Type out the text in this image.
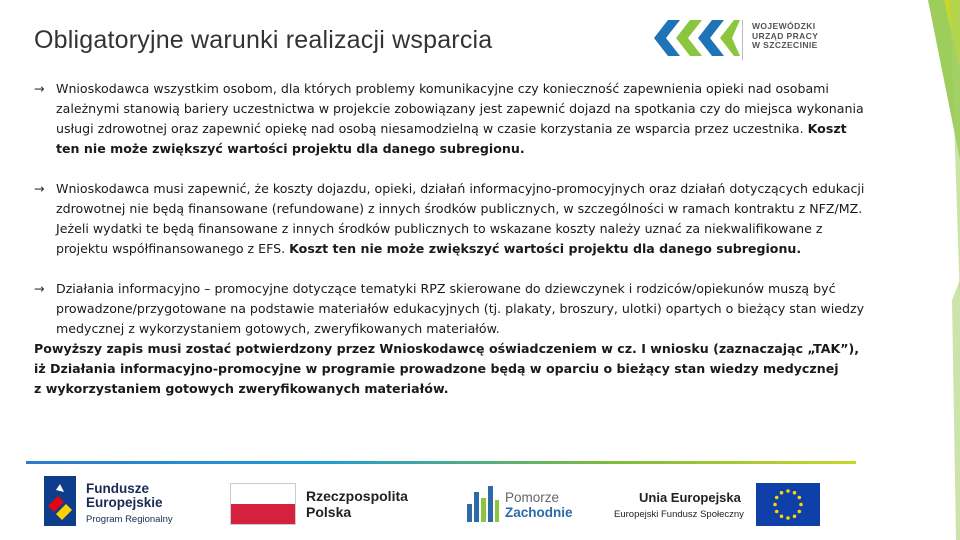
Obligatoryjne warunki realizacji wsparcia	WOJEWÓDZKI
URZĄD PRACY
W SZCZECINIE
→ Wnioskodawca wszystkim osobom, dla których problemy komunikacyjne czy konieczność zapewnienia opieki nad osobami zależnymi stanowią bariery uczestnictwa w projekcie zobowiązany jest zapewnić dojazd na spotkania czy do miejsca wykonania usługi zdrowotnej oraz zapewnić opiekę nad osobą niesamodzielną w czasie korzystania ze wsparcia przez uczestnika. Koszt ten nie może zwiększyć wartości projektu dla danego subregionu.
→ Wnioskodawca musi zapewnić, że koszty dojazdu, opieki, działań informacyjno-promocyjnych oraz działań dotyczących edukacji zdrowotnej nie będą finansowane (refundowane) z innych środków publicznych, w szczególności w ramach kontraktu z NFZ/MZ. Jeżeli wydatki te będą finansowane z innych środków publicznych to wskazane koszty należy uznać za niekwalifikowane z projektu współfinansowanego z EFS. Koszt ten nie może zwiększyć wartości projektu dla danego subregionu.
→ Działania informacyjno – promocyjne dotyczące tematyki RPZ skierowane do dziewczynek i rodziców/opiekunów muszą być prowadzone/przygotowane na podstawie materiałów edukacyjnych (tj. plakaty, broszury, ulotki) opartych o bieżący stan wiedzy medycznej z wykorzystaniem gotowych, zweryfikowanych materiałów.
Powyższy zapis musi zostać potwierdzony przez Wnioskodawcę oświadczeniem w cz. I wniosku (zaznaczając „TAK”),
iż Działania informacyjno-promocyjne w programie prowadzone będą w oparciu o bieżący stan wiedzy medycznej
z wykorzystaniem gotowych zweryfikowanych materiałów.
Fundusze
Europejskie
Program Regionalny
Rzeczpospolita
Polska
Pomorze
Zachodnie
Unia Europejska
Europejski Fundusz Społeczny
